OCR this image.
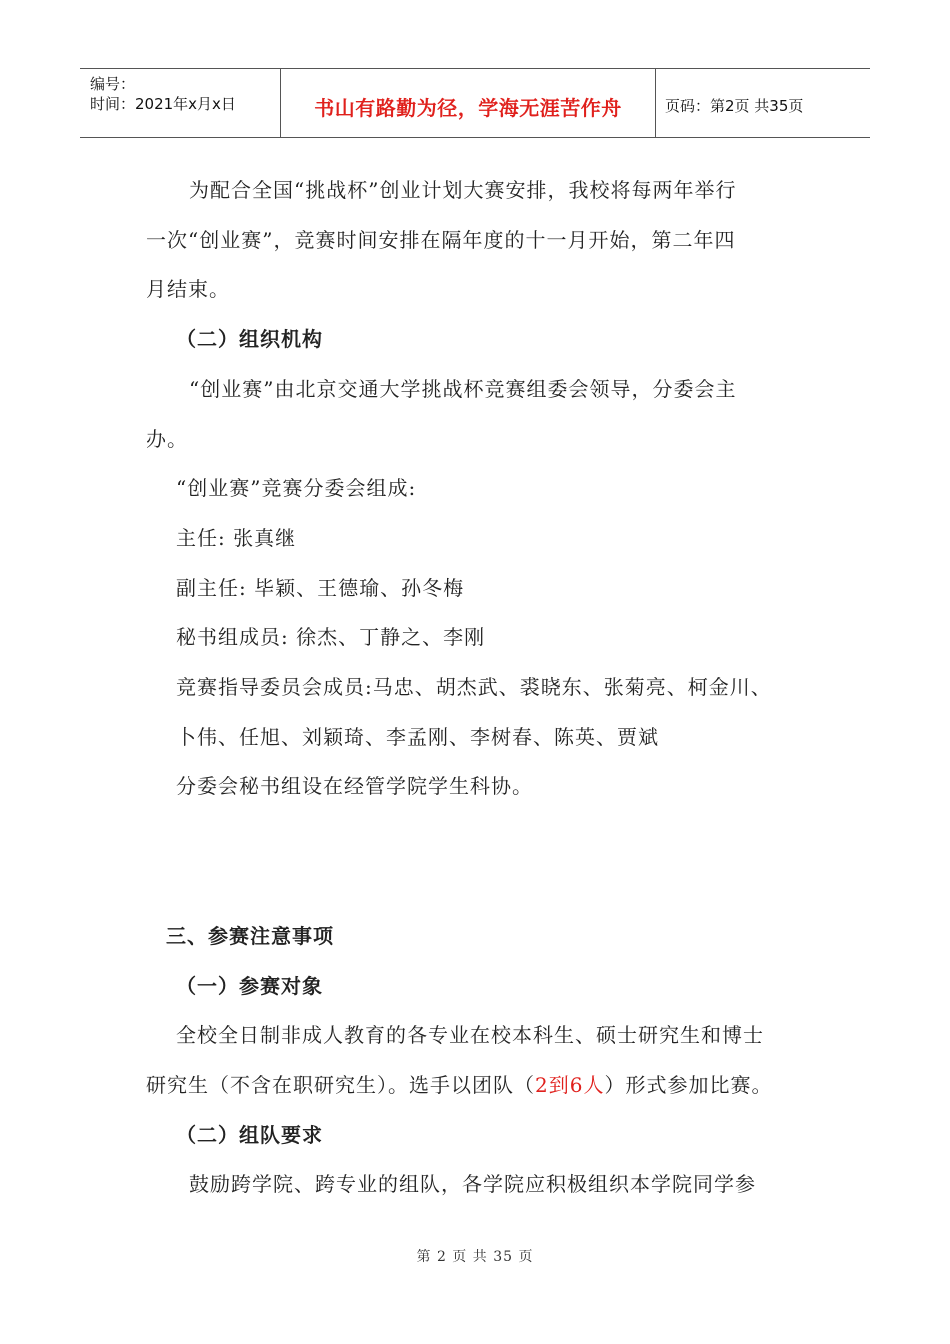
编号：
时间：2021年x月x日	书山有路勤为径，学海无涯苦作舟	页码：第2页 共35页
为配合全国“挑战杯”创业计划大赛安排，我校将每两年举行
一次“创业赛”，竞赛时间安排在隔年度的十一月开始，第二年四
月结束。
（二）组织机构
“创业赛”由北京交通大学挑战杯竞赛组委会领导，分委会主
办。
“创业赛”竞赛分委会组成:
主任: 张真继
副主任: 毕颖、王德瑜、孙冬梅
秘书组成员: 徐杰、丁静之、李刚
竞赛指导委员会成员:马忠、胡杰武、裘晓东、张菊亮、柯金川、
卜伟、任旭、刘颖琦、李孟刚、李树春、陈英、贾斌
分委会秘书组设在经管学院学生科协。
三、参赛注意事项
（一）参赛对象
全校全日制非成人教育的各专业在校本科生、硕士研究生和博士
研究生（不含在职研究生）。选手以团队（2到6人）形式参加比赛。
（二）组队要求
鼓励跨学院、跨专业的组队，各学院应积极组织本学院同学参
第 2 页 共 35 页
